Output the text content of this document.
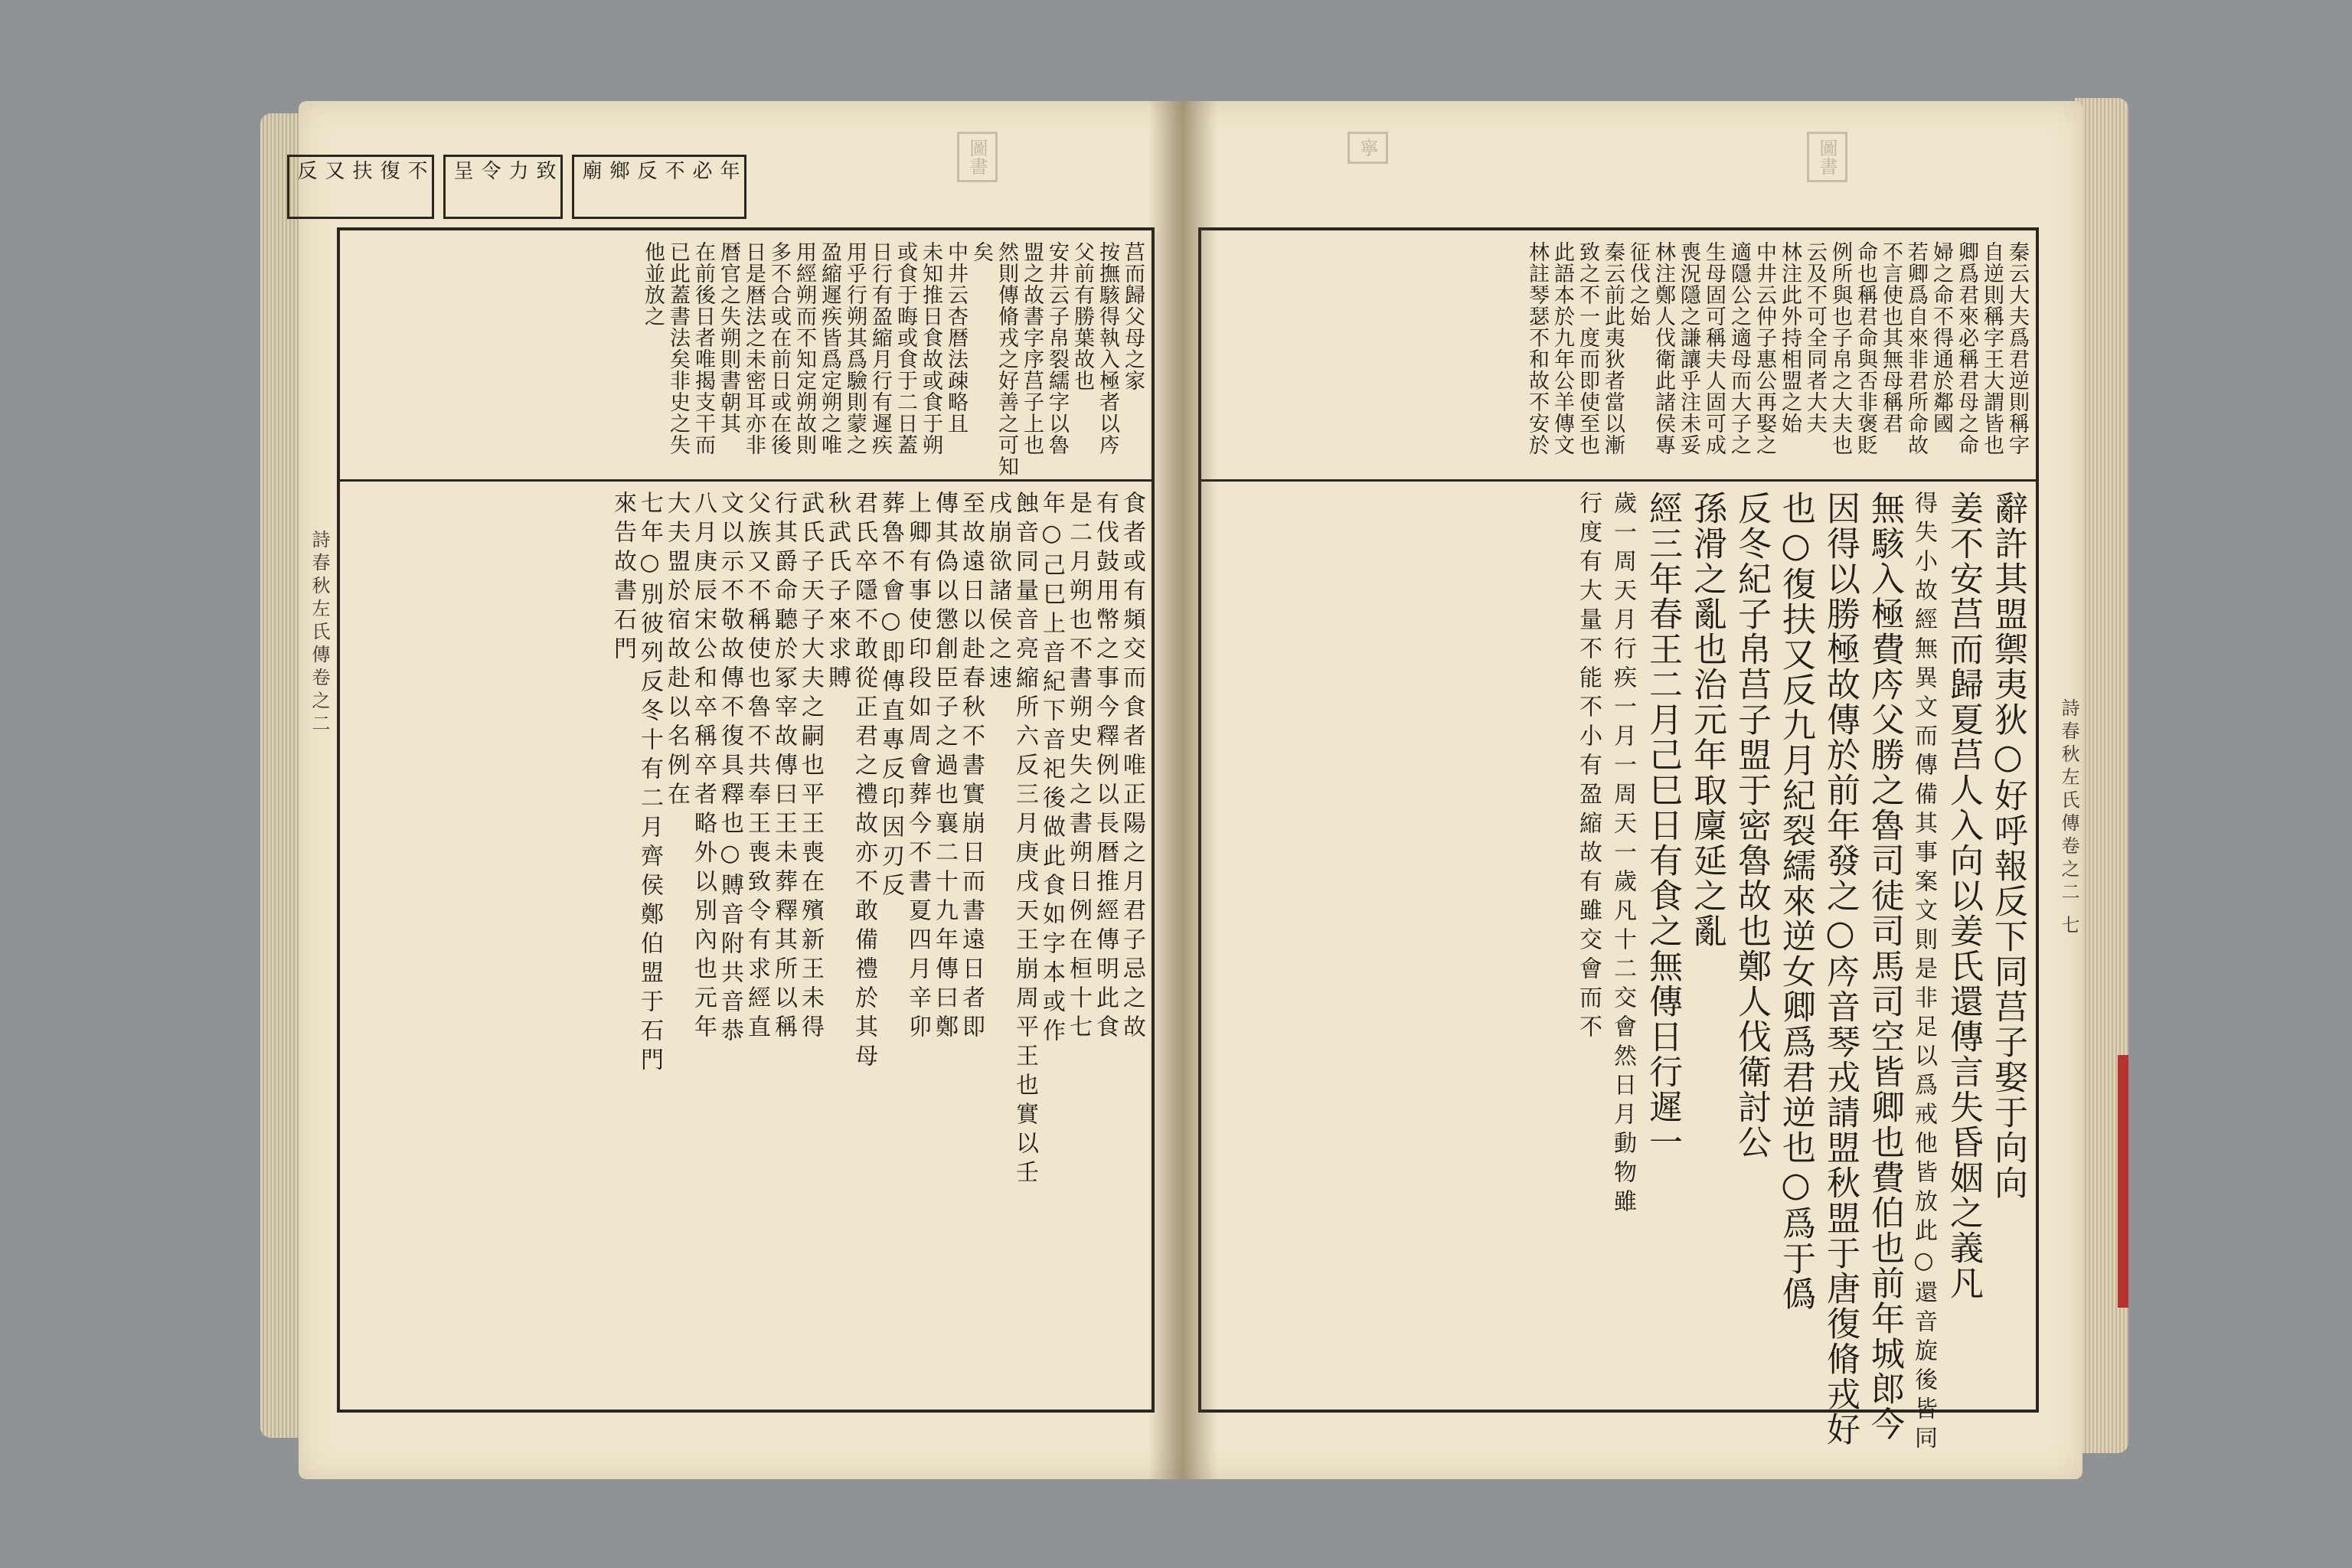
圖書
詩春秋左氏傳卷之二
年
必
不
反
鄉
廟
致
力
令
呈
不
復
扶
又
反
莒而歸父母之家
按撫駭得執入極者以庈
父前有勝葉故也
安井云子帛裂繻字以魯
盟之故書字序莒子上也
然則傳脩戎之好善之可知
矣
中井云杏暦法疎略且
未知推日食故或食于朔
或食于晦或食于二日蓋
日行有盈縮月行有遲疾
用乎行朔其爲驗則蒙之
盈縮遲疾皆爲定朔之唯
用經朔而不知定朔故則
多不合或在前日或在後
日是暦法之未密耳亦非
暦官之失朔則書朝其
在前後日者唯揭支干而
已此蓋書法矣非史之失
他並放之
食者或有頻交而食者唯正陽之月君子忌之故
有伐鼓用幣之事今釋例以長暦推經傳明此食
是二月朔也不書朔史失之書朔日例在桓十七
年○己巳上音紀下音祀後做此食如字本或作
蝕音同量音亮縮所六反三月庚戌天王崩周平王也實以壬
戌崩欲諸侯之速
至故遠日以赴春秋不書實崩日而書遠日者即
傳其偽以懲創臣子之過也襄二十九年傳曰鄭
上卿有事使印段如周會葬今不書夏四月辛卯
葬魯不會○即傳直專反印因刃反
君氏卒隱不敢從正君之禮故亦不敢備禮於其母
秋武氏子來求賻
武氏子天子大夫之嗣也平王喪在殯新王未得
行其爵命聽於冢宰故傳曰王未葬釋其所以稱
父族又不稱使也魯不共奉王喪致令有求經直
文以示不敬故傳不復具釋也○賻音附共音恭
八月庚辰宋公和卒稱卒者略外以別內也元年
大夫盟於宿故赴以名例在
七年○別彼列反冬十有二月齊侯鄭伯盟于石門
來告故書石門
寧	圖書
詩春秋左氏傳卷之二 七
秦云大夫爲君逆則稱字
自逆則稱字王大謂皆也
卿爲君來必稱君母之命
婦之命不得通於鄰國
若卿爲自來非君所命故
不言使也其無母稱君
命也稱君命與否非褒貶
例所與也子帛之大夫也
云及不可全同者大夫
林注此外持相盟之始
中井云仲子惠公再娶之
適隱公之適母而大子之
生母固可稱夫人固可成
喪況隱之謙讓乎注未妥
林注鄭人伐衛此諸侯專
征伐之始
秦云前此夷狄者當以漸
致之不一度而即使至也
此語本於九年公羊傳文
林註琴瑟不和故不安於
辭許其盟禦夷狄○好呼報反下同莒子娶于向向
姜不安莒而歸夏莒人入向以姜氏還傳言失昏姻之義凡
得失小故經無異文而傳備其事案文則是非足以爲戒他皆放此○還音旋後皆同
無駭入極費庈父勝之魯司徒司馬司空皆卿也費伯也前年城郎今
因得以勝極故傳於前年發之○庈音琴戎請盟秋盟于唐復脩戎好
也○復扶又反九月紀裂繻來逆女卿爲君逆也○爲于僞
反冬紀子帛莒子盟于密魯故也鄭人伐衛討公
孫滑之亂也治元年取廩延之亂
經三年春王二月己巳日有食之無傳日行遲一
歲一周天月行疾一月一周天一歲凡十二交會然日月動物雖
行度有大量不能不小有盈縮故有雖交會而不
